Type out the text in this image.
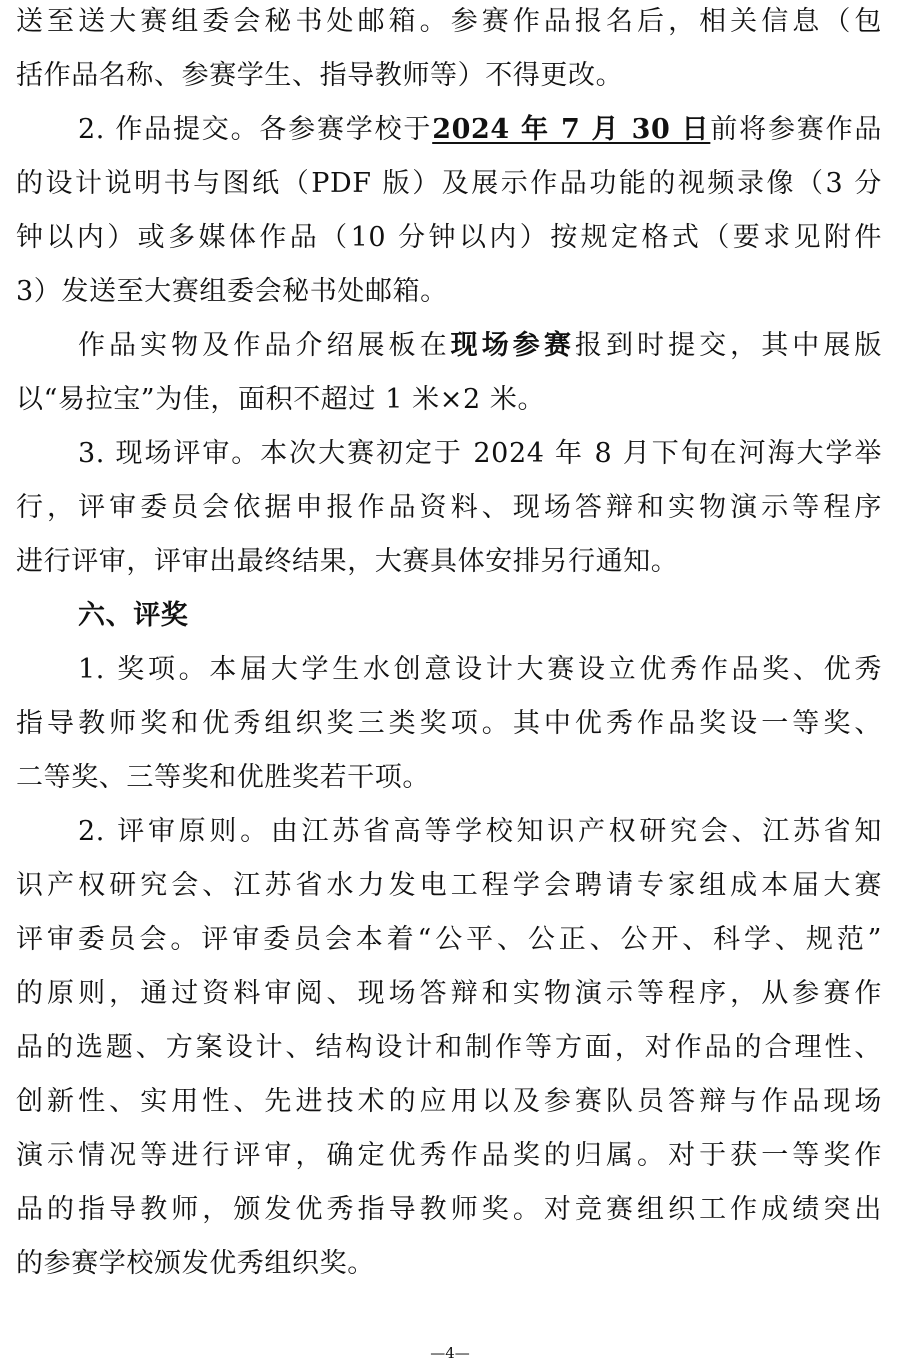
送至送大赛组委会秘书处邮箱。参赛作品报名后，相关信息（包
括作品名称、参赛学生、指导教师等）不得更改。
2. 作品提交。各参赛学校于2024 年 7 月 30 日前将参赛作品
的设计说明书与图纸（PDF 版）及展示作品功能的视频录像（3 分
钟以内）或多媒体作品（10 分钟以内）按规定格式（要求见附件
3）发送至大赛组委会秘书处邮箱。
作品实物及作品介绍展板在现场参赛报到时提交，其中展版
以“易拉宝”为佳，面积不超过 1 米×2 米。
3. 现场评审。本次大赛初定于 2024 年 8 月下旬在河海大学举
行，评审委员会依据申报作品资料、现场答辩和实物演示等程序
进行评审，评审出最终结果，大赛具体安排另行通知。
六、评奖
1. 奖项。本届大学生水创意设计大赛设立优秀作品奖、优秀
指导教师奖和优秀组织奖三类奖项。其中优秀作品奖设一等奖、
二等奖、三等奖和优胜奖若干项。
2. 评审原则。由江苏省高等学校知识产权研究会、江苏省知
识产权研究会、江苏省水力发电工程学会聘请专家组成本届大赛
评审委员会。评审委员会本着“公平、公正、公开、科学、规范”
的原则，通过资料审阅、现场答辩和实物演示等程序，从参赛作
品的选题、方案设计、结构设计和制作等方面，对作品的合理性、
创新性、实用性、先进技术的应用以及参赛队员答辩与作品现场
演示情况等进行评审，确定优秀作品奖的归属。对于获一等奖作
品的指导教师，颁发优秀指导教师奖。对竞赛组织工作成绩突出
的参赛学校颁发优秀组织奖。
—4—
